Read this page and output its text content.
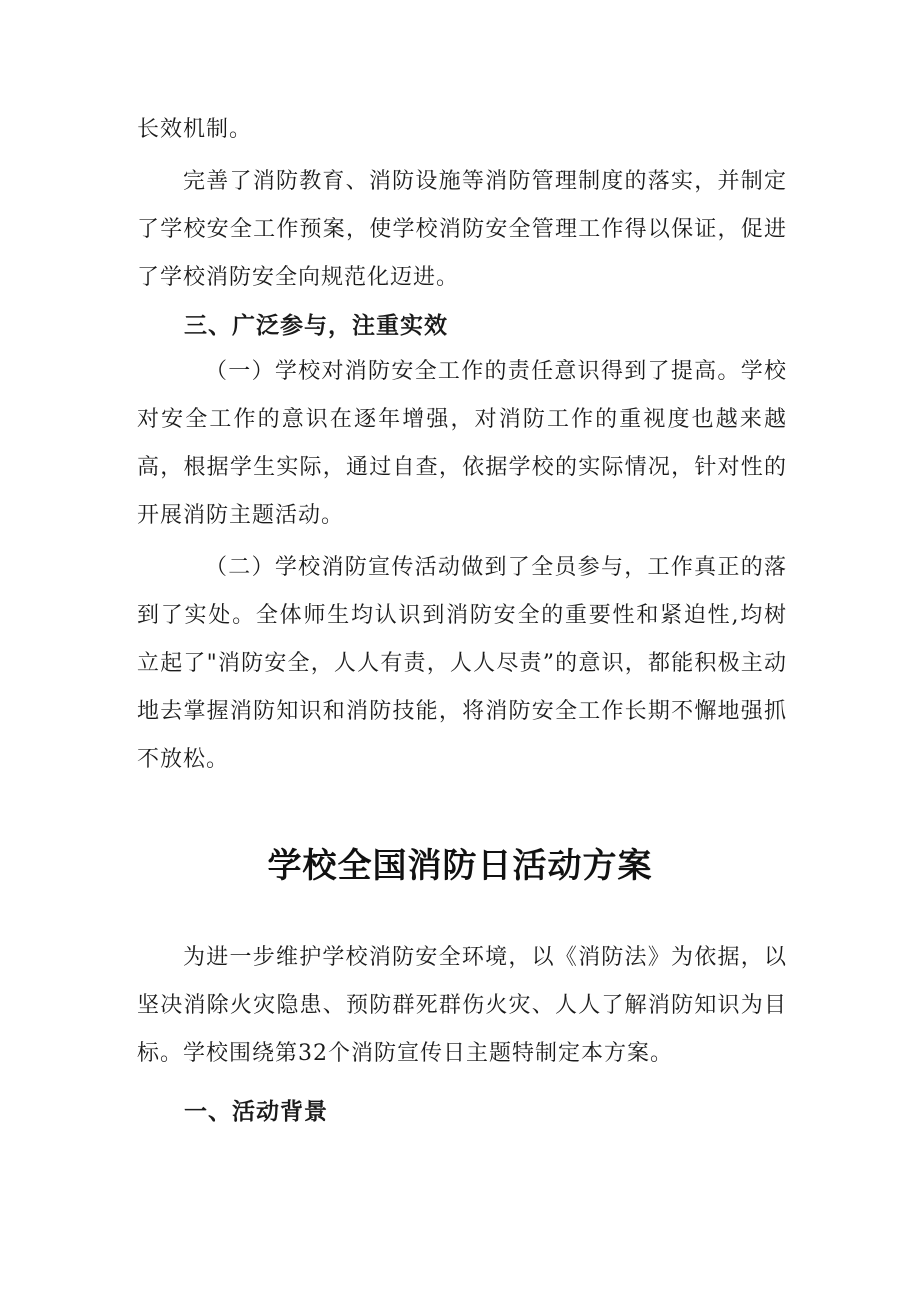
长效机制。

完善了消防教育、消防设施等消防管理制度的落实，并制定了学校安全工作预案，使学校消防安全管理工作得以保证，促进了学校消防安全向规范化迈进。

三、广泛参与，注重实效

（一）学校对消防安全工作的责任意识得到了提高。学校对安全工作的意识在逐年增强，对消防工作的重视度也越来越高，根据学生实际，通过自查，依据学校的实际情况，针对性的开展消防主题活动。

（二）学校消防宣传活动做到了全员参与，工作真正的落到了实处。全体师生均认识到消防安全的重要性和紧迫性,均树立起了"消防安全，人人有责，人人尽责”的意识，都能积极主动地去掌握消防知识和消防技能，将消防安全工作长期不懈地强抓不放松。

学校全国消防日活动方案

为进一步维护学校消防安全环境，以《消防法》为依据，以坚决消除火灾隐患、预防群死群伤火灾、人人了解消防知识为目标。学校围绕第32个消防宣传日主题特制定本方案。

一、活动背景
